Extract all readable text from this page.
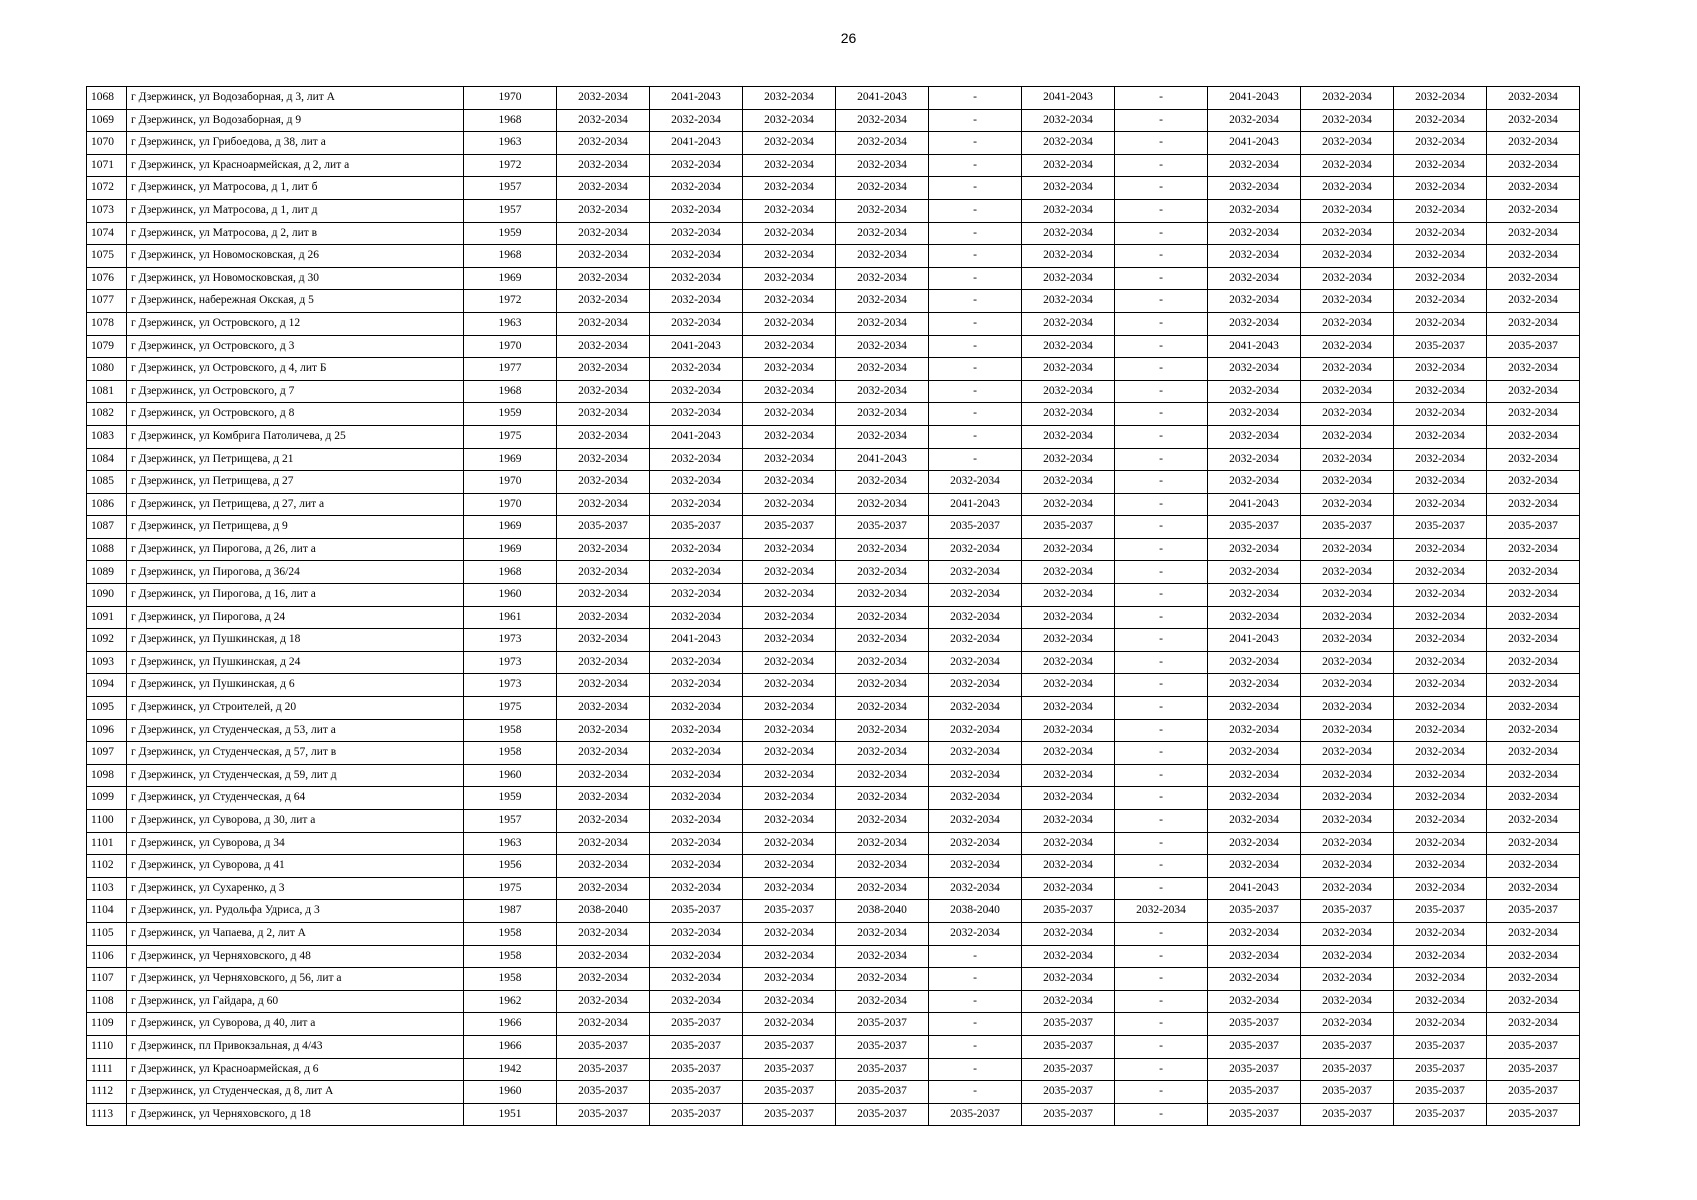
26
1068	г Дзержинск, ул Водозаборная, д 3, лит А	1970	2032-2034	2041-2043	2032-2034	2041-2043	-	2041-2043	-	2041-2043	2032-2034	2032-2034	2032-2034
1069	г Дзержинск, ул Водозаборная, д 9	1968	2032-2034	2032-2034	2032-2034	2032-2034	-	2032-2034	-	2032-2034	2032-2034	2032-2034	2032-2034
1070	г Дзержинск, ул Грибоедова, д 38, лит а	1963	2032-2034	2041-2043	2032-2034	2032-2034	-	2032-2034	-	2041-2043	2032-2034	2032-2034	2032-2034
1071	г Дзержинск, ул Красноармейская, д 2, лит а	1972	2032-2034	2032-2034	2032-2034	2032-2034	-	2032-2034	-	2032-2034	2032-2034	2032-2034	2032-2034
1072	г Дзержинск, ул Матросова, д 1, лит б	1957	2032-2034	2032-2034	2032-2034	2032-2034	-	2032-2034	-	2032-2034	2032-2034	2032-2034	2032-2034
1073	г Дзержинск, ул Матросова, д 1, лит д	1957	2032-2034	2032-2034	2032-2034	2032-2034	-	2032-2034	-	2032-2034	2032-2034	2032-2034	2032-2034
1074	г Дзержинск, ул Матросова, д 2, лит в	1959	2032-2034	2032-2034	2032-2034	2032-2034	-	2032-2034	-	2032-2034	2032-2034	2032-2034	2032-2034
1075	г Дзержинск, ул Новомосковская, д 26	1968	2032-2034	2032-2034	2032-2034	2032-2034	-	2032-2034	-	2032-2034	2032-2034	2032-2034	2032-2034
1076	г Дзержинск, ул Новомосковская, д 30	1969	2032-2034	2032-2034	2032-2034	2032-2034	-	2032-2034	-	2032-2034	2032-2034	2032-2034	2032-2034
1077	г Дзержинск, набережная Окская, д 5	1972	2032-2034	2032-2034	2032-2034	2032-2034	-	2032-2034	-	2032-2034	2032-2034	2032-2034	2032-2034
1078	г Дзержинск, ул Островского, д 12	1963	2032-2034	2032-2034	2032-2034	2032-2034	-	2032-2034	-	2032-2034	2032-2034	2032-2034	2032-2034
1079	г Дзержинск, ул Островского, д 3	1970	2032-2034	2041-2043	2032-2034	2032-2034	-	2032-2034	-	2041-2043	2032-2034	2035-2037	2035-2037
1080	г Дзержинск, ул Островского, д 4, лит Б	1977	2032-2034	2032-2034	2032-2034	2032-2034	-	2032-2034	-	2032-2034	2032-2034	2032-2034	2032-2034
1081	г Дзержинск, ул Островского, д 7	1968	2032-2034	2032-2034	2032-2034	2032-2034	-	2032-2034	-	2032-2034	2032-2034	2032-2034	2032-2034
1082	г Дзержинск, ул Островского, д 8	1959	2032-2034	2032-2034	2032-2034	2032-2034	-	2032-2034	-	2032-2034	2032-2034	2032-2034	2032-2034
1083	г Дзержинск, ул Комбрига Патоличева, д 25	1975	2032-2034	2041-2043	2032-2034	2032-2034	-	2032-2034	-	2032-2034	2032-2034	2032-2034	2032-2034
1084	г Дзержинск, ул Петрищева, д 21	1969	2032-2034	2032-2034	2032-2034	2041-2043	-	2032-2034	-	2032-2034	2032-2034	2032-2034	2032-2034
1085	г Дзержинск, ул Петрищева, д 27	1970	2032-2034	2032-2034	2032-2034	2032-2034	2032-2034	2032-2034	-	2032-2034	2032-2034	2032-2034	2032-2034
1086	г Дзержинск, ул Петрищева, д 27, лит а	1970	2032-2034	2032-2034	2032-2034	2032-2034	2041-2043	2032-2034	-	2041-2043	2032-2034	2032-2034	2032-2034
1087	г Дзержинск, ул Петрищева, д 9	1969	2035-2037	2035-2037	2035-2037	2035-2037	2035-2037	2035-2037	-	2035-2037	2035-2037	2035-2037	2035-2037
1088	г Дзержинск, ул Пирогова, д 26, лит а	1969	2032-2034	2032-2034	2032-2034	2032-2034	2032-2034	2032-2034	-	2032-2034	2032-2034	2032-2034	2032-2034
1089	г Дзержинск, ул Пирогова, д 36/24	1968	2032-2034	2032-2034	2032-2034	2032-2034	2032-2034	2032-2034	-	2032-2034	2032-2034	2032-2034	2032-2034
1090	г Дзержинск, ул Пирогова, д 16, лит а	1960	2032-2034	2032-2034	2032-2034	2032-2034	2032-2034	2032-2034	-	2032-2034	2032-2034	2032-2034	2032-2034
1091	г Дзержинск, ул Пирогова, д 24	1961	2032-2034	2032-2034	2032-2034	2032-2034	2032-2034	2032-2034	-	2032-2034	2032-2034	2032-2034	2032-2034
1092	г Дзержинск, ул Пушкинская, д 18	1973	2032-2034	2041-2043	2032-2034	2032-2034	2032-2034	2032-2034	-	2041-2043	2032-2034	2032-2034	2032-2034
1093	г Дзержинск, ул Пушкинская, д 24	1973	2032-2034	2032-2034	2032-2034	2032-2034	2032-2034	2032-2034	-	2032-2034	2032-2034	2032-2034	2032-2034
1094	г Дзержинск, ул Пушкинская, д 6	1973	2032-2034	2032-2034	2032-2034	2032-2034	2032-2034	2032-2034	-	2032-2034	2032-2034	2032-2034	2032-2034
1095	г Дзержинск, ул Строителей, д 20	1975	2032-2034	2032-2034	2032-2034	2032-2034	2032-2034	2032-2034	-	2032-2034	2032-2034	2032-2034	2032-2034
1096	г Дзержинск, ул Студенческая, д 53, лит а	1958	2032-2034	2032-2034	2032-2034	2032-2034	2032-2034	2032-2034	-	2032-2034	2032-2034	2032-2034	2032-2034
1097	г Дзержинск, ул Студенческая, д 57, лит в	1958	2032-2034	2032-2034	2032-2034	2032-2034	2032-2034	2032-2034	-	2032-2034	2032-2034	2032-2034	2032-2034
1098	г Дзержинск, ул Студенческая, д 59, лит д	1960	2032-2034	2032-2034	2032-2034	2032-2034	2032-2034	2032-2034	-	2032-2034	2032-2034	2032-2034	2032-2034
1099	г Дзержинск, ул Студенческая, д 64	1959	2032-2034	2032-2034	2032-2034	2032-2034	2032-2034	2032-2034	-	2032-2034	2032-2034	2032-2034	2032-2034
1100	г Дзержинск, ул Суворова, д 30, лит а	1957	2032-2034	2032-2034	2032-2034	2032-2034	2032-2034	2032-2034	-	2032-2034	2032-2034	2032-2034	2032-2034
1101	г Дзержинск, ул Суворова, д 34	1963	2032-2034	2032-2034	2032-2034	2032-2034	2032-2034	2032-2034	-	2032-2034	2032-2034	2032-2034	2032-2034
1102	г Дзержинск, ул Суворова, д 41	1956	2032-2034	2032-2034	2032-2034	2032-2034	2032-2034	2032-2034	-	2032-2034	2032-2034	2032-2034	2032-2034
1103	г Дзержинск, ул Сухаренко, д 3	1975	2032-2034	2032-2034	2032-2034	2032-2034	2032-2034	2032-2034	-	2041-2043	2032-2034	2032-2034	2032-2034
1104	г Дзержинск, ул. Рудольфа Удриса, д 3	1987	2038-2040	2035-2037	2035-2037	2038-2040	2038-2040	2035-2037	2032-2034	2035-2037	2035-2037	2035-2037	2035-2037
1105	г Дзержинск, ул Чапаева, д 2, лит А	1958	2032-2034	2032-2034	2032-2034	2032-2034	2032-2034	2032-2034	-	2032-2034	2032-2034	2032-2034	2032-2034
1106	г Дзержинск, ул Черняховского, д 48	1958	2032-2034	2032-2034	2032-2034	2032-2034	-	2032-2034	-	2032-2034	2032-2034	2032-2034	2032-2034
1107	г Дзержинск, ул Черняховского, д 56, лит а	1958	2032-2034	2032-2034	2032-2034	2032-2034	-	2032-2034	-	2032-2034	2032-2034	2032-2034	2032-2034
1108	г Дзержинск, ул Гайдара, д 60	1962	2032-2034	2032-2034	2032-2034	2032-2034	-	2032-2034	-	2032-2034	2032-2034	2032-2034	2032-2034
1109	г Дзержинск, ул Суворова, д 40, лит а	1966	2032-2034	2035-2037	2032-2034	2035-2037	-	2035-2037	-	2035-2037	2032-2034	2032-2034	2032-2034
1110	г Дзержинск, пл Привокзальная, д 4/43	1966	2035-2037	2035-2037	2035-2037	2035-2037	-	2035-2037	-	2035-2037	2035-2037	2035-2037	2035-2037
1111	г Дзержинск, ул Красноармейская, д 6	1942	2035-2037	2035-2037	2035-2037	2035-2037	-	2035-2037	-	2035-2037	2035-2037	2035-2037	2035-2037
1112	г Дзержинск, ул Студенческая, д 8, лит А	1960	2035-2037	2035-2037	2035-2037	2035-2037	-	2035-2037	-	2035-2037	2035-2037	2035-2037	2035-2037
1113	г Дзержинск, ул Черняховского, д 18	1951	2035-2037	2035-2037	2035-2037	2035-2037	2035-2037	2035-2037	-	2035-2037	2035-2037	2035-2037	2035-2037
